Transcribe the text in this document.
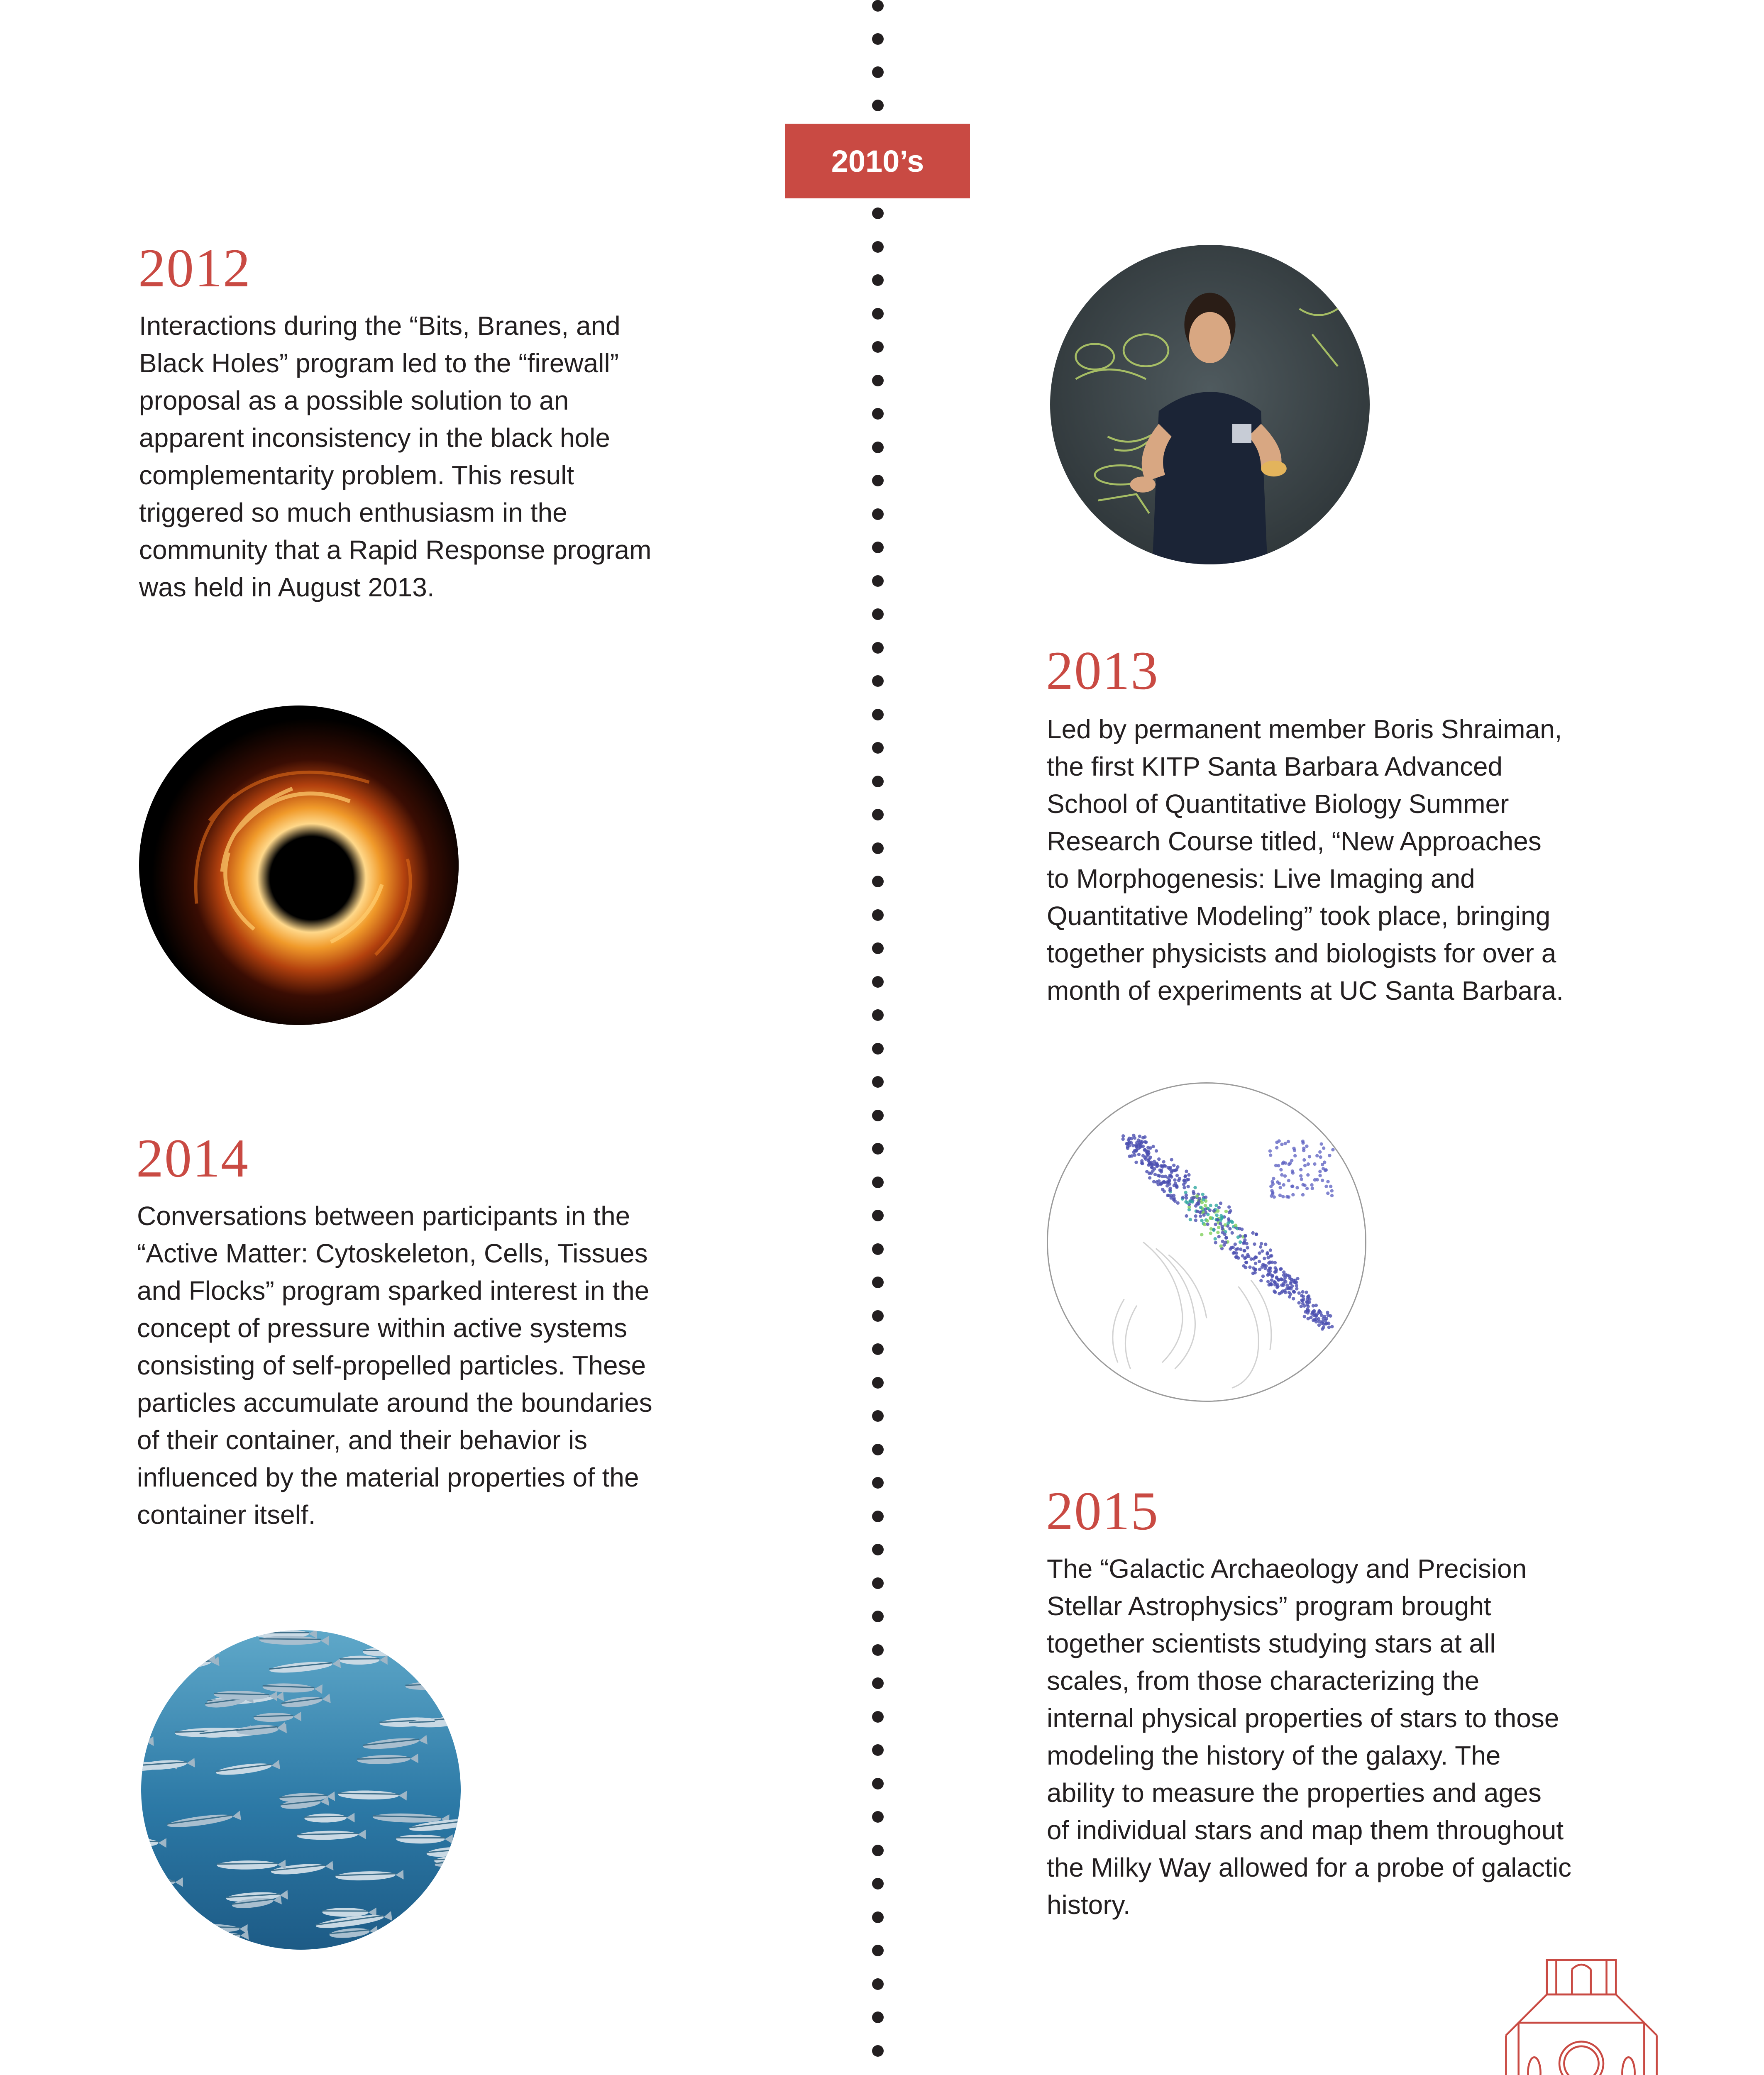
2010’s
2012
Interactions during the “Bits, Branes, and
Black Holes” program led to the “firewall”
proposal as a possible solution to an
apparent inconsistency in the black hole
complementarity problem. This result
triggered so much enthusiasm in the
community that a Rapid Response program
was held in August 2013.
2013
Led by permanent member Boris Shraiman,
the first KITP Santa Barbara Advanced
School of Quantitative Biology Summer
Research Course titled, “New Approaches
to Morphogenesis: Live Imaging and
Quantitative Modeling” took place, bringing
together physicists and biologists for over a
month of experiments at UC Santa Barbara.
2014
Conversations between participants in the
“Active Matter: Cytoskeleton, Cells, Tissues
and Flocks” program sparked interest in the
concept of pressure within active systems
consisting of self-propelled particles. These
particles accumulate around the boundaries
of their container, and their behavior is
influenced by the material properties of the
container itself.	2015
The “Galactic Archaeology and Precision
Stellar Astrophysics” program brought
together scientists studying stars at all
scales, from those characterizing the
internal physical properties of stars to those
modeling the history of the galaxy. The
ability to measure the properties and ages
of individual stars and map them throughout
the Milky Way allowed for a probe of galactic
history.
